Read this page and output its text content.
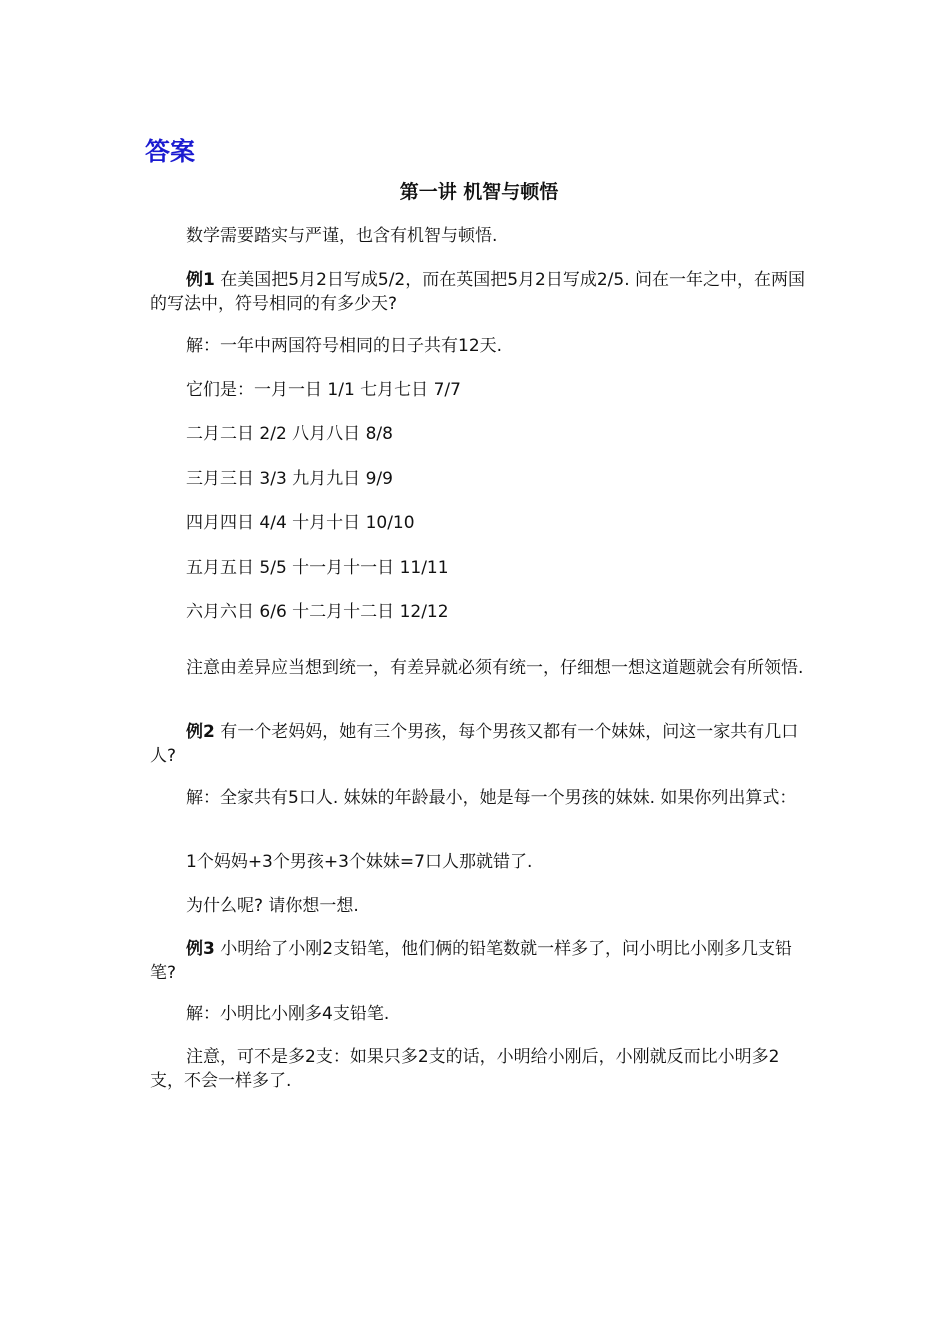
答案
第一讲 机智与顿悟

数学需要踏实与严谨，也含有机智与顿悟.

例1 在美国把5月2日写成5/2，而在英国把5月2日写成2/5. 问在一年之中，在两国的写法中，符号相同的有多少天?

解：一年中两国符号相同的日子共有12天.

它们是：一月一日 1/1 七月七日 7/7

二月二日 2/2 八月八日 8/8

三月三日 3/3 九月九日 9/9

四月四日 4/4 十月十日 10/10

五月五日 5/5 十一月十一日 11/11

六月六日 6/6 十二月十二日 12/12

注意由差异应当想到统一，有差异就必须有统一，仔细想一想这道题就会有所领悟.

例2 有一个老妈妈，她有三个男孩，每个男孩又都有一个妹妹，问这一家共有几口人?

解：全家共有5口人. 妹妹的年龄最小，她是每一个男孩的妹妹. 如果你列出算式：

1个妈妈+3个男孩+3个妹妹=7口人那就错了.

为什么呢? 请你想一想.

例3 小明给了小刚2支铅笔，他们俩的铅笔数就一样多了，问小明比小刚多几支铅笔?

解：小明比小刚多4支铅笔.

注意，可不是多2支：如果只多2支的话，小明给小刚后，小刚就反而比小明多2支，不会一样多了.
